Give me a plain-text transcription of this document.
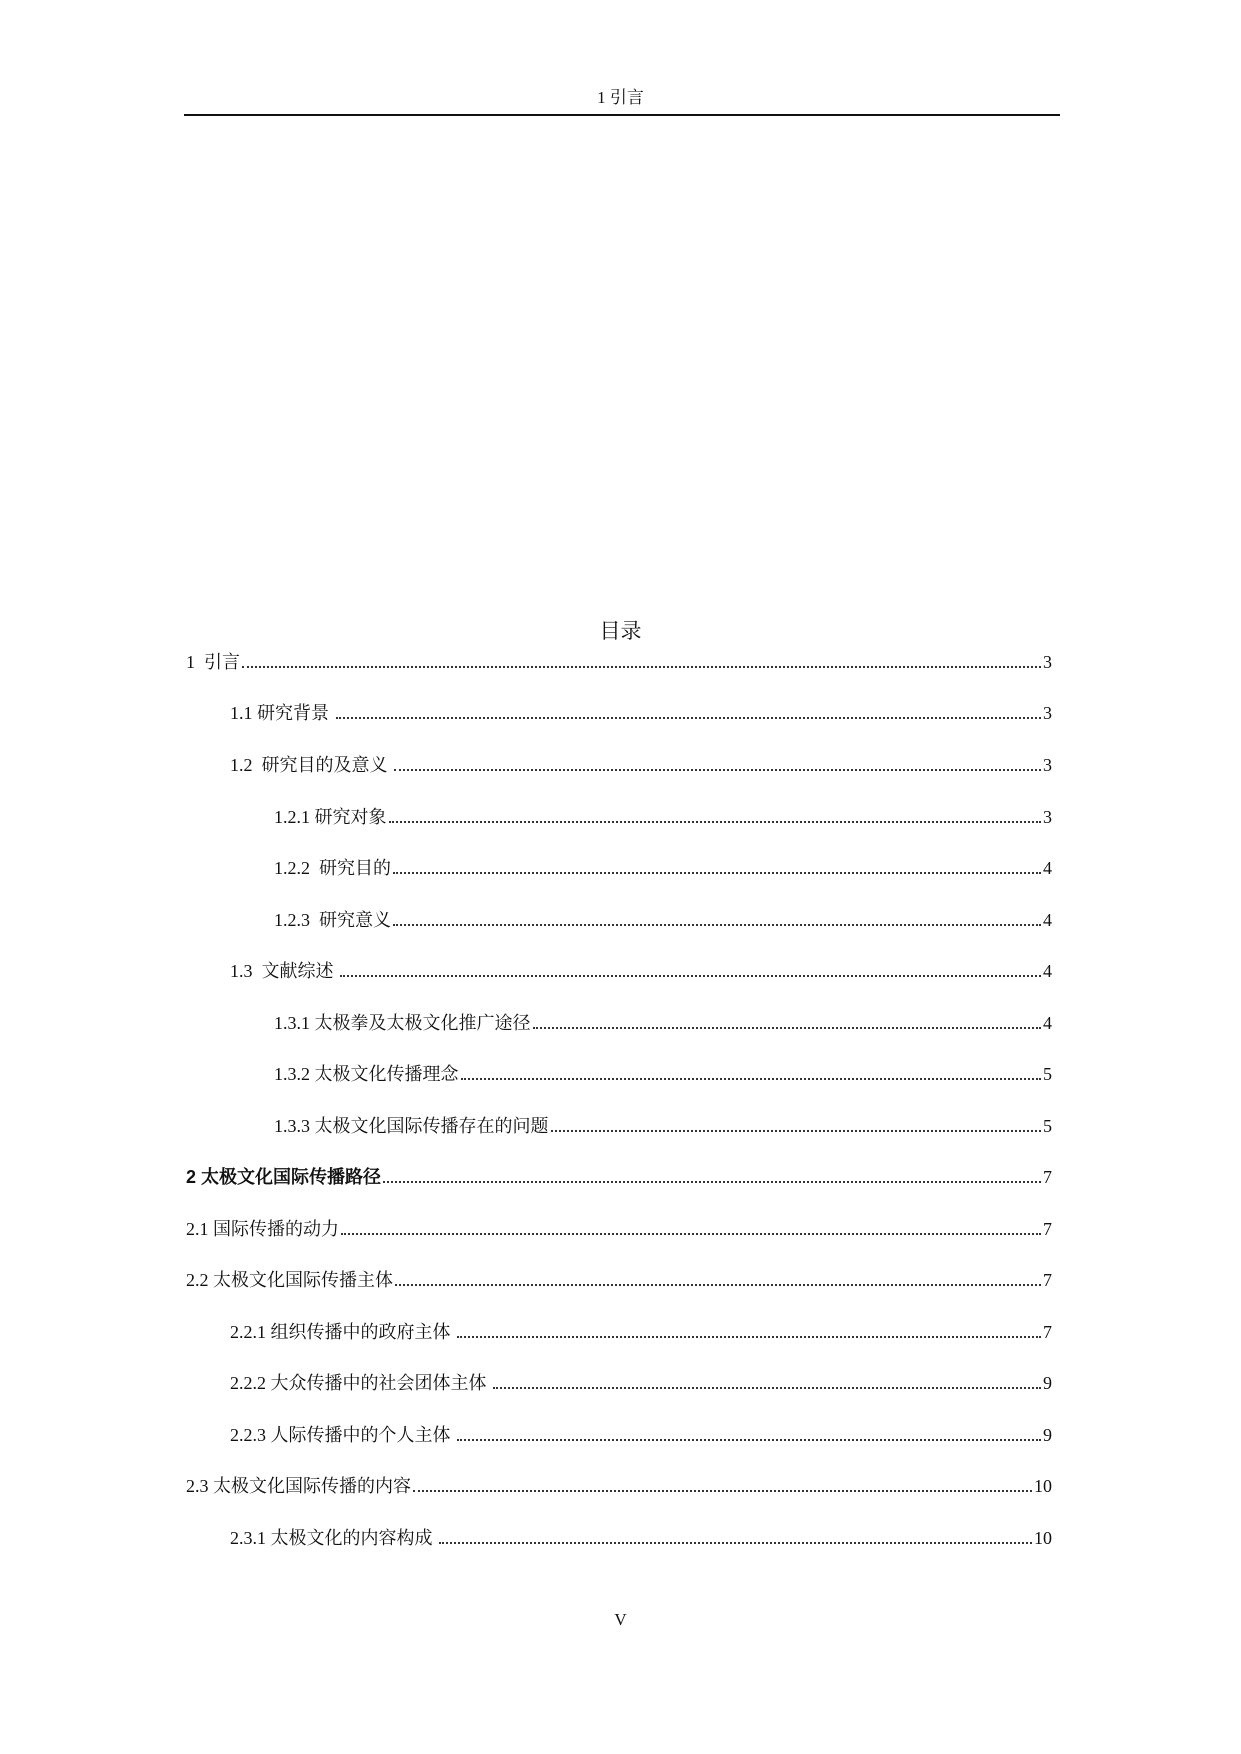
1 引言
目录
1  引言	3
1.1 研究背景	3
1.2  研究目的及意义	3
1.2.1 研究对象	3
1.2.2  研究目的	4
1.2.3  研究意义	4
1.3  文献综述	4
1.3.1 太极拳及太极文化推广途径	4
1.3.2 太极文化传播理念	5
1.3.3 太极文化国际传播存在的问题	5
2 太极文化国际传播路径	7
2.1 国际传播的动力	7
2.2 太极文化国际传播主体	7
2.2.1 组织传播中的政府主体	7
2.2.2 大众传播中的社会团体主体	9
2.2.3 人际传播中的个人主体	9
2.3 太极文化国际传播的内容	10
2.3.1 太极文化的内容构成	10
V
